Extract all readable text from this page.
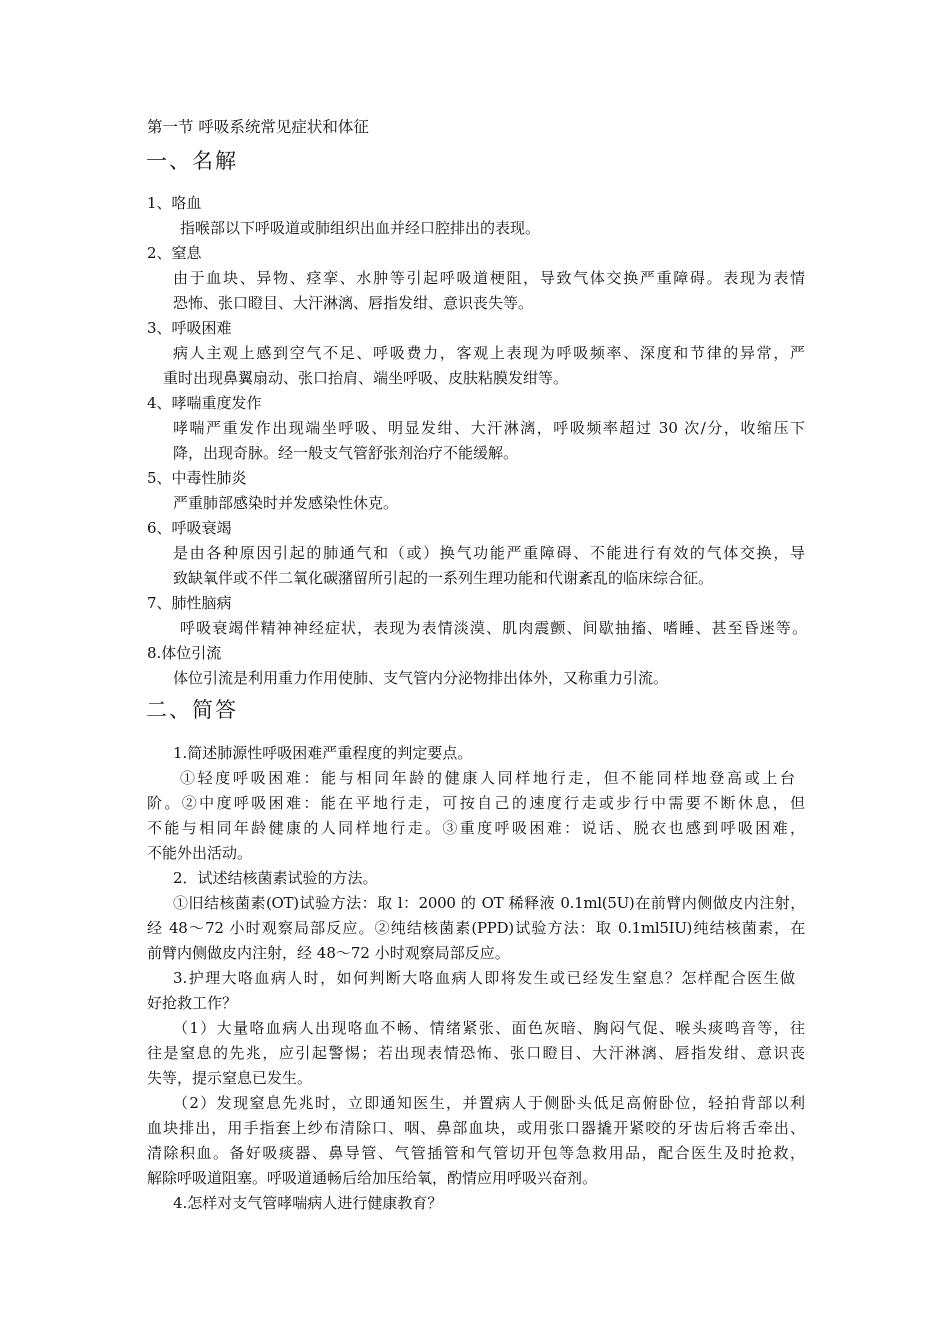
第一节 呼吸系统常见症状和体征
一、名解
1、咯血
指喉部以下呼吸道或肺组织出血并经口腔排出的表现。
2、窒息
由于血块、异物、痉挛、水肿等引起呼吸道梗阻，导致气体交换严重障碍。表现为表情
恐怖、张口瞪目、大汗淋漓、唇指发绀、意识丧失等。
3、呼吸困难
病人主观上感到空气不足、呼吸费力，客观上表现为呼吸频率、深度和节律的异常，严
重时出现鼻翼扇动、张口抬肩、端坐呼吸、皮肤粘膜发绀等。
4、哮喘重度发作
哮喘严重发作出现端坐呼吸、明显发绀、大汗淋漓，呼吸频率超过 30 次/分，收缩压下
降，出现奇脉。经一般支气管舒张剂治疗不能缓解。
5、中毒性肺炎
严重肺部感染时并发感染性休克。
6、呼吸衰竭
是由各种原因引起的肺通气和（或）换气功能严重障碍、不能进行有效的气体交换，导
致缺氧伴或不伴二氧化碳潴留所引起的一系列生理功能和代谢紊乱的临床综合征。
7、肺性脑病
呼吸衰竭伴精神神经症状，表现为表情淡漠、肌肉震颤、间歇抽搐、嗜睡、甚至昏迷等。
8.体位引流
体位引流是利用重力作用使肺、支气管内分泌物排出体外，又称重力引流。
二、简答
1.简述肺源性呼吸困难严重程度的判定要点。
①轻度呼吸困难：能与相同年龄的健康人同样地行走，但不能同样地登高或上台
阶。②中度呼吸困难：能在平地行走，可按自己的速度行走或步行中需要不断休息，但
不能与相同年龄健康的人同样地行走。③重度呼吸困难：说话、脱衣也感到呼吸困难，
不能外出活动。
2．试述结核菌素试验的方法。
①旧结核菌素(OT)试验方法：取 l：2000 的 OT 稀释液 0.1ml(5U)在前臂内侧做皮内注射，
经 48～72 小时观察局部反应。②纯结核菌素(PPD)试验方法：取 0.1ml5IU)纯结核菌素，在
前臂内侧做皮内注射，经 48～72 小时观察局部反应。
3.护理大咯血病人时，如何判断大咯血病人即将发生或已经发生窒息？怎样配合医生做
好抢救工作？
（1）大量咯血病人出现咯血不畅、情绪紧张、面色灰暗、胸闷气促、喉头痰鸣音等，往
往是窒息的先兆，应引起警惕；若出现表情恐怖、张口瞪目、大汗淋漓、唇指发绀、意识丧
失等，提示窒息已发生。
（2）发现窒息先兆时，立即通知医生，并置病人于侧卧头低足高俯卧位，轻拍背部以利
血块排出，用手指套上纱布清除口、咽、鼻部血块，或用张口器撬开紧咬的牙齿后将舌牵出、
清除积血。备好吸痰器、鼻导管、气管插管和气管切开包等急救用品，配合医生及时抢救，
解除呼吸道阻塞。呼吸道通畅后给加压给氧，酌情应用呼吸兴奋剂。
4.怎样对支气管哮喘病人进行健康教育？
